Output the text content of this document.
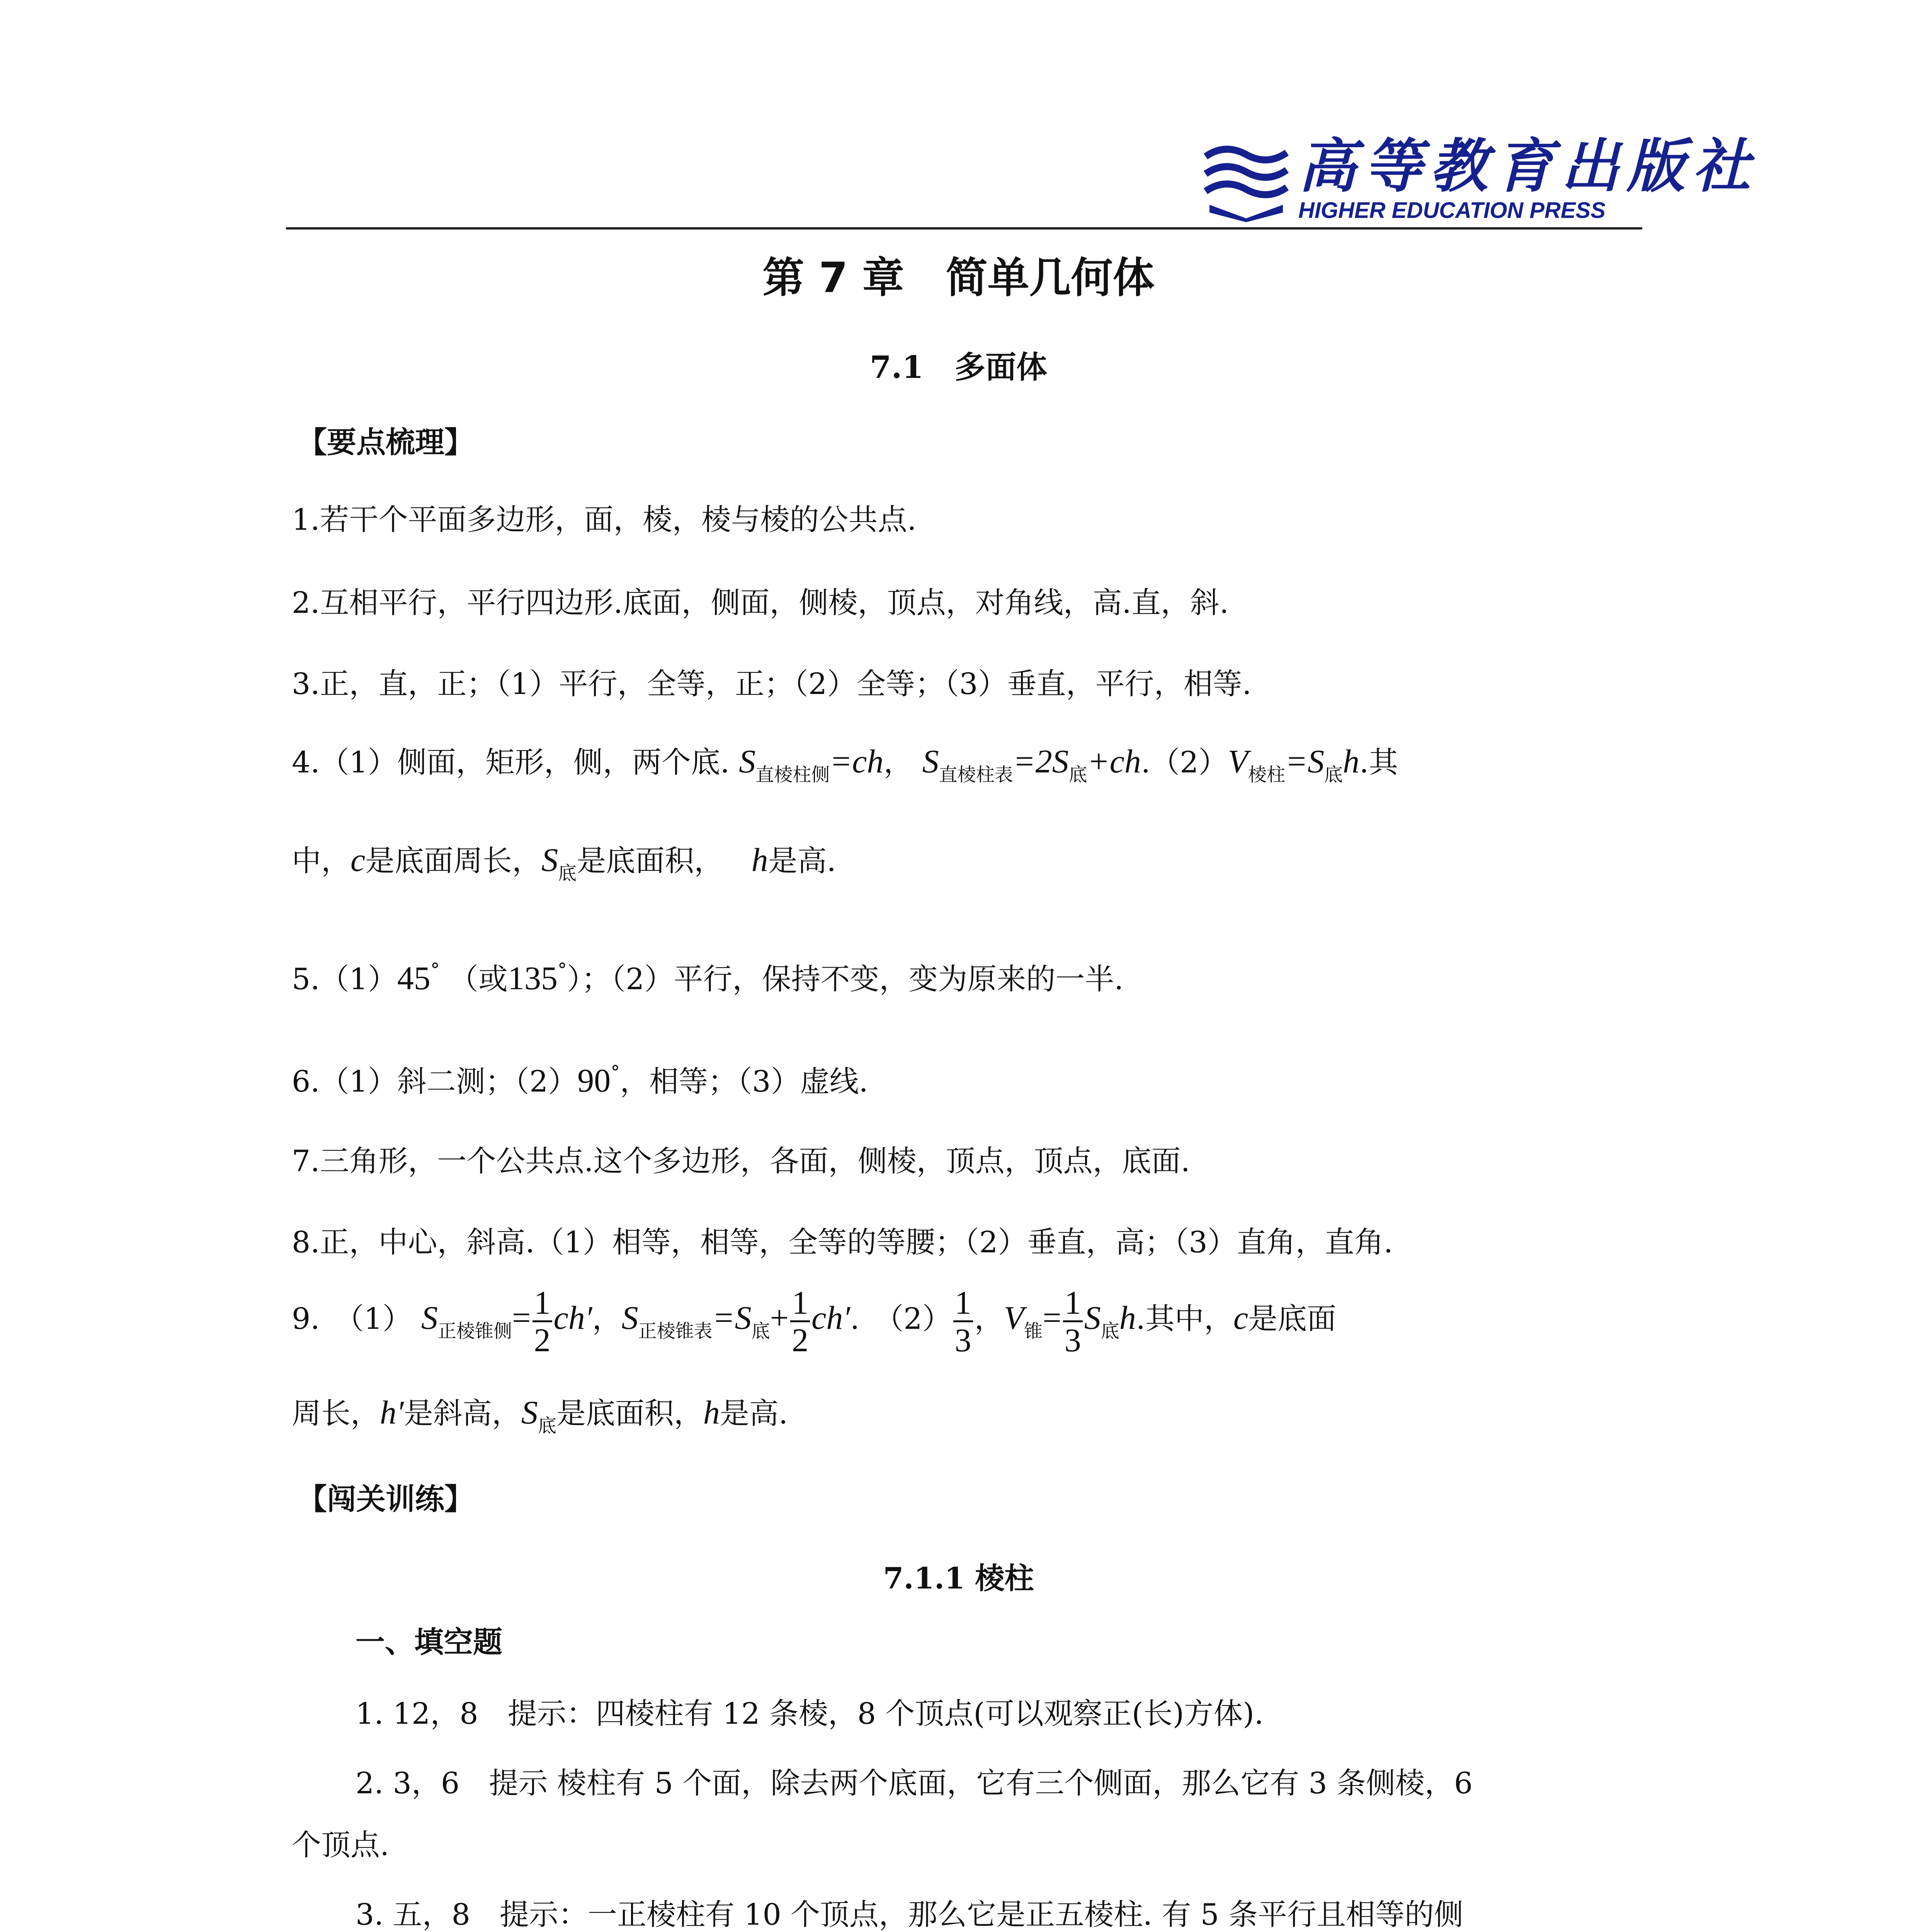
高等教育出版社
HIGHER EDUCATION PRESS
第 7 章　简单几何体
7.1　多面体
【要点梳理】
1.若干个平面多边形，面，棱，棱与棱的公共点.
2.互相平行，平行四边形.底面，侧面，侧棱，顶点，对角线，高.直，斜.
3.正，直，正；（1）平行，全等，正；（2）全等；（3）垂直，平行，相等.
4.（1）侧面，矩形，侧，两个底. $S_{直棱柱侧}=ch$， $S_{直棱柱表}=2S_底+ch.(2)V_{棱柱}=S_底h$.其
中，c是底面周长，$S_底$是底面积， h是高.
5.（1）45° （或135°）；（2）平行，保持不变，变为原来的一半.
6.（1）斜二测；（2）90°，相等；（3）虚线.
7.三角形，一个公共点.这个多边形，各面，侧棱，顶点，顶点，底面.
8.正，中心，斜高.（1）相等，相等，全等的等腰；（2）垂直，高；（3）直角，直角.
9.　（1） $S_{正棱锥侧}= \frac{1}{2} ch'$，$S_{正棱锥表}=S_底+ \frac{1}{2} ch'$.　$(2) \frac{1}{3}$ ，$V_锥= \frac{1}{3} S_底h$.其中，c是底面
周长，h′是斜高，$S_底$是底面积，h是高.
【闯关训练】
7.1.1 棱柱
一、填空题
1. 12，8　提示：四棱柱有 12 条棱，8 个顶点(可以观察正(长)方体).
2. 3，6　提示 棱柱有 5 个面，除去两个底面，它有三个侧面，那么它有 3 条侧棱，6
个顶点.
3. 五，8　提示：一正棱柱有 10 个顶点，那么它是正五棱柱. 有 5 条平行且相等的侧
